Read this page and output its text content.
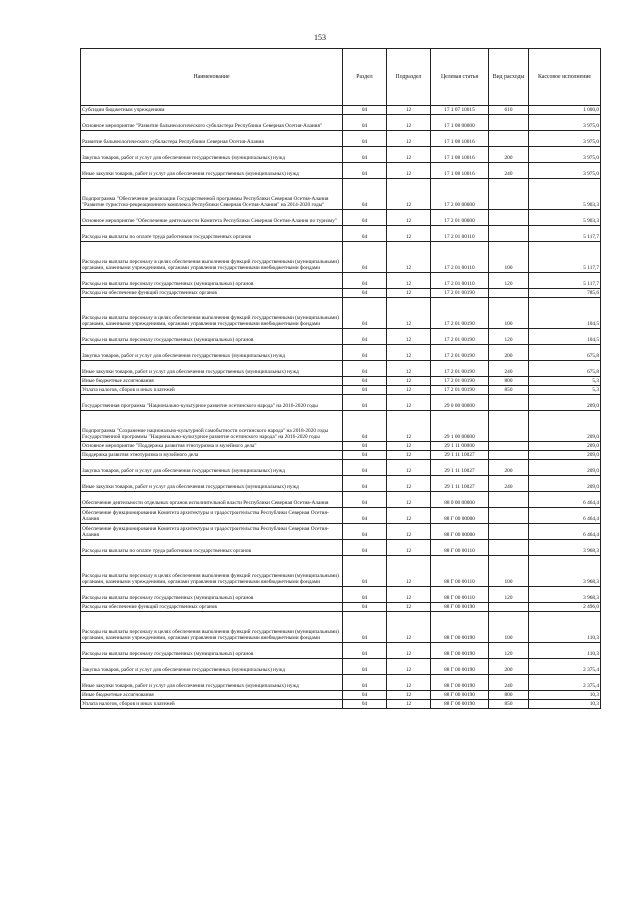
153
Наименование	Раздел	Подраздел	Целевая статья	Вид расходы	Кассовое исполнение
Субсидии бюджетным учреждениям	04	12	17 1 07 10015	610	1 000,0
Основное мероприятие "Развитие бальнеологического субкластера Республики Северная Осетия-Алания"	04	12	17 1 08 00000		3 975,0
Развитие бальнеологического субкластера Республики Северная Осетия-Алания	04	12	17 1 08 10016		3 975,0
Закупка товаров, работ и услуг для обеспечения государственных (муниципальных) нужд	04	12	17 1 08 10016	200	3 975,0
Иные закупки товаров, работ и услуг для обеспечения государственных (муниципальных) нужд	04	12	17 1 08 10016	240	3 975,0
Подпрограмма "Обеспечение реализации Государственной программы Республики Северная Осетия-Алания "Развитие туристско-рекреационного комплекса Республики Северная Осетия-Алания" на 2014-2020 годы"	04	12	17 2 00 00000		5 903,3
Основное мероприятие "Обеспечение деятельности Комитета Республики Северная Осетия-Алания по туризму"	04	12	17 2 01 00000		5 903,3
Расходы на выплаты по оплате труда работников государственных органов	04	12	17 2 01 00110		5 117,7
Расходы на выплаты персоналу в целях обеспечения выполнения функций государственными (муниципальными) органами, казенными учреждениями, органами управления государственными внебюджетными фондами	04	12	17 2 01 00110	100	5 117,7
Расходы на выплаты персоналу государственных (муниципальных) органов	04	12	17 2 01 00110	120	5 117,7
Расходы на обеспечение функций государственных органов	04	12	17 2 01 00190		785,6
Расходы на выплаты персоналу в целях обеспечения выполнения функций государственными (муниципальными) органами, казенными учреждениями, органами управления государственными внебюджетными фондами	04	12	17 2 01 00190	100	104,5
Расходы на выплаты персоналу государственных (муниципальных) органов	04	12	17 2 01 00190	120	104,5
Закупка товаров, работ и услуг для обеспечения государственных (муниципальных) нужд	04	12	17 2 01 00190	200	675,8
Иные закупки товаров, работ и услуг для обеспечения государственных (муниципальных) нужд	04	12	17 2 01 00190	240	675,8
Иные бюджетные ассигнования	04	12	17 2 01 00190	800	5,3
Уплата налогов, сборов и иных платежей	04	12	17 2 01 00190	850	5,3
Государственная программа "Национально-культурное развитие осетинского народа" на 2016-2020 годы	04	12	29 0 00 00000		209,0
Подпрограмма "Сохранение национально-культурной самобытности осетинского народа" на 2018-2020 годы Государственной программы "Национально-культурное развитие осетинского народа" на 2016-2020 годы	04	12	29 1 00 00000		209,0
Основное мероприятие "Поддержка развития этнотуризма и музейного дела"	04	12	29 1 11 00000		209,0
Поддержка развития этнотуризма и музейного дела	04	12	29 1 11 10027		209,0
Закупка товаров, работ и услуг для обеспечения государственных (муниципальных) нужд	04	12	29 1 11 10027	200	209,0
Иные закупки товаров, работ и услуг для обеспечения государственных (муниципальных) нужд	04	12	29 1 11 10027	240	209,0
Обеспечение деятельности отдельных органов исполнительной власти Республики Северная Осетия-Алания	04	12	88 0 00 00000		6 464,4
Обеспечение функционирования Комитета архитектуры и градостроительства Республики Северная Осетия-Алания	04	12	88 Г 00 00000		6 464,4
Обеспечение функционирования Комитета архитектуры и градостроительства Республики Северная Осетия-Алания	04	12	88 Г 00 00000		6 464,4
Расходы на выплаты по оплате труда работников государственных органов	04	12	88 Г 00 00110		3 968,3
Расходы на выплаты персоналу в целях обеспечения выполнения функций государственными (муниципальными) органами, казенными учреждениями, органами управления государственными внебюджетными фондами	04	12	88 Г 00 00110	100	3 968,3
Расходы на выплаты персоналу государственных (муниципальных) органов	04	12	88 Г 00 00110	120	3 968,3
Расходы на обеспечение функций государственных органов	04	12	88 Г 00 00190		2 496,0
Расходы на выплаты персоналу в целях обеспечения выполнения функций государственными (муниципальными) органами, казенными учреждениями, органами управления государственными внебюджетными фондами	04	12	88 Г 00 00190	100	110,3
Расходы на выплаты персоналу государственных (муниципальных) органов	04	12	88 Г 00 00190	120	110,3
Закупка товаров, работ и услуг для обеспечения государственных (муниципальных) нужд	04	12	88 Г 00 00190	200	2 375,4
Иные закупки товаров, работ и услуг для обеспечения государственных (муниципальных) нужд	04	12	88 Г 00 00190	240	2 375,4
Иные бюджетные ассигнования	04	12	88 Г 00 00190	800	10,3
Уплата налогов, сборов и иных платежей	04	12	88 Г 00 00190	850	10,3
